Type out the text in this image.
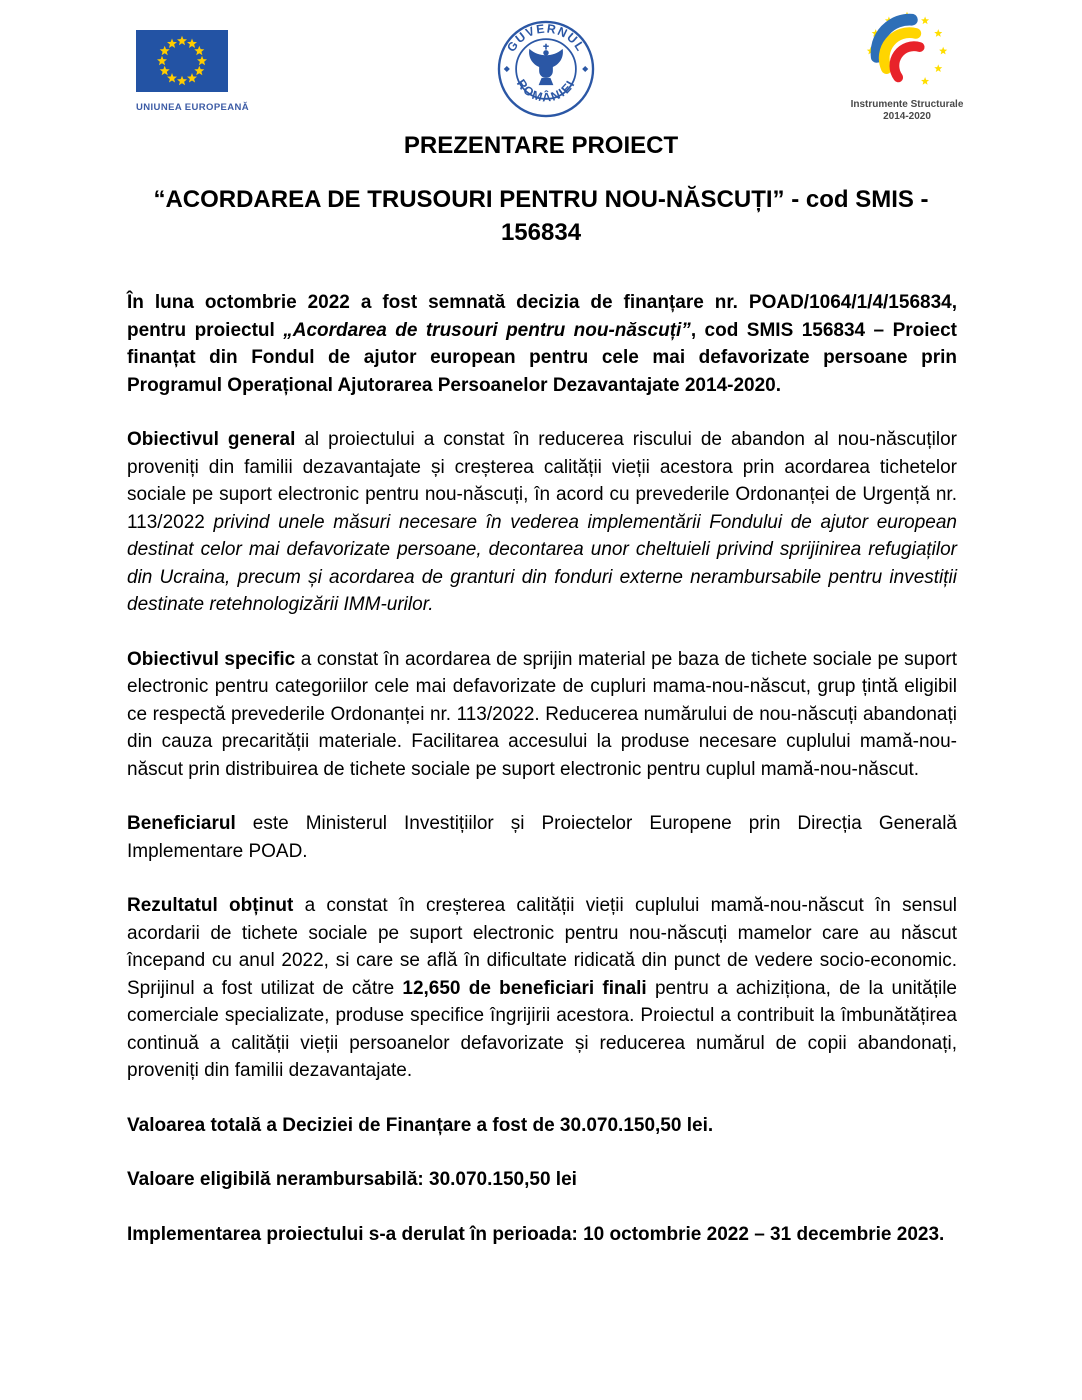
UNIUNEA EUROPEANĂ
GUVERNUL
ROMÂNIEI
Instrumente Structurale
2014-2020
PREZENTARE PROIECT
“ACORDAREA DE TRUSOURI PENTRU NOU-NĂSCUȚI” - cod SMIS -
156834

În luna octombrie 2022 a fost semnată decizia de finanțare nr. POAD/1064/1/4/156834, pentru proiectul „Acordarea de trusouri pentru nou-născuți”, cod SMIS 156834 – Proiect finanțat din Fondul de ajutor european pentru cele mai defavorizate persoane prin Programul Operațional Ajutorarea Persoanelor Dezavantajate 2014-2020.

Obiectivul general al proiectului a constat în reducerea riscului de abandon al nou-născuților proveniți din familii dezavantajate și creșterea calității vieții acestora prin acordarea tichetelor sociale pe suport electronic pentru nou-născuți, în acord cu prevederile Ordonanței de Urgență nr. 113/2022 privind unele măsuri necesare în vederea implementării Fondului de ajutor european destinat celor mai defavorizate persoane, decontarea unor cheltuieli privind sprijinirea refugiaților din Ucraina, precum și acordarea de granturi din fonduri externe nerambursabile pentru investiții destinate retehnologizării IMM-urilor.

Obiectivul specific a constat în acordarea de sprijin material pe baza de tichete sociale pe suport electronic pentru categoriilor cele mai defavorizate de cupluri mama-nou-născut, grup țintă eligibil ce respectă prevederile Ordonanței nr. 113/2022. Reducerea numărului de nou-născuți abandonați din cauza precarității materiale. Facilitarea accesului la produse necesare cuplului mamă-nou-născut prin distribuirea de tichete sociale pe suport electronic pentru cuplul mamă-nou-născut.

Beneficiarul este Ministerul Investițiilor și Proiectelor Europene prin Direcția Generală Implementare POAD.

Rezultatul obținut a constat în creșterea calității vieții cuplului mamă-nou-născut în sensul acordarii de tichete sociale pe suport electronic pentru nou-născuți mamelor care au născut începand cu anul 2022, si care se află în dificultate ridicată din punct de vedere socio-economic. Sprijinul a fost utilizat de către 12,650 de beneficiari finali pentru a achiziționa, de la unitățile comerciale specializate, produse specifice îngrijirii acestora. Proiectul a contribuit la îmbunătățirea continuă a calității vieții persoanelor defavorizate și reducerea numărul de copii abandonați, proveniți din familii dezavantajate.

Valoarea totală a Deciziei de Finanțare a fost de 30.070.150,50 lei.

Valoare eligibilă nerambursabilă: 30.070.150,50 lei

Implementarea proiectului s-a derulat în perioada: 10 octombrie 2022 – 31 decembrie 2023.
